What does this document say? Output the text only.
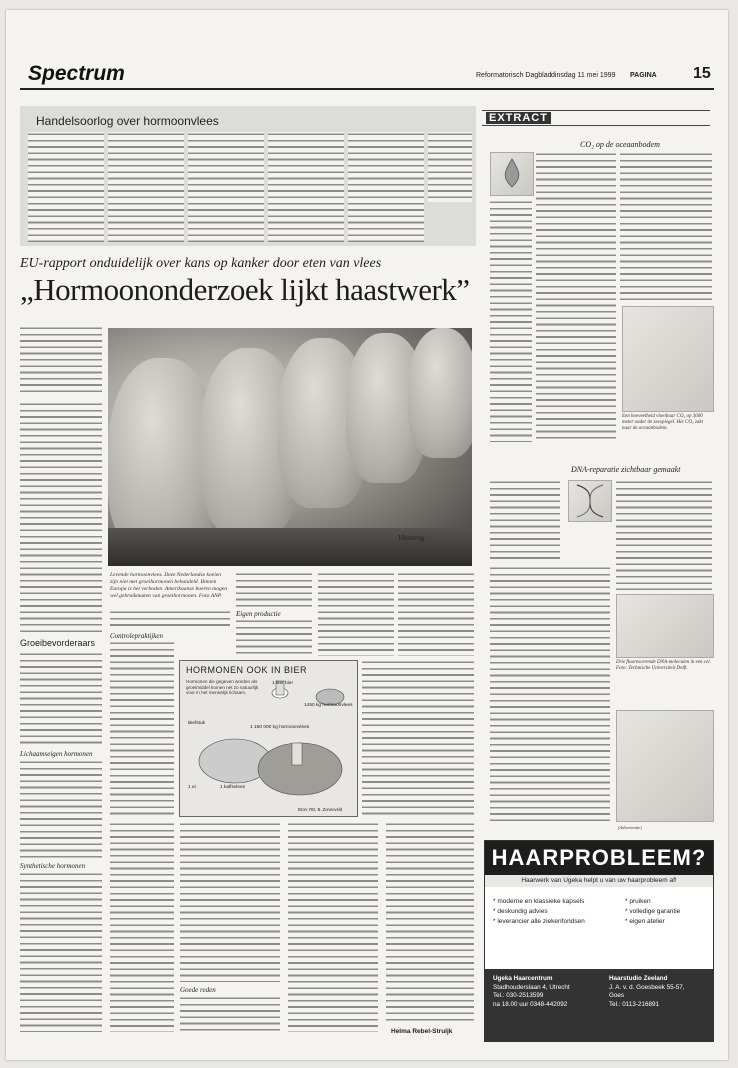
Spectrum	Reformatorisch Dagblad dinsdag 11 mei 1999 PAGINA 15
Handelsoorlog over hormoonvlees
EU-rapport onduidelijk over kans op kanker door eten van vlees
„Hormoononderzoek lijkt haastwerk”
Levende hormoonvlees. Deze Nederlandse koeien zijn niet met groeihormonen behandeld. Binnen Europa is het verboden. Amerikaanse boeren mogen wel gebruikmaken van groeihormonen. Foto ANP
Eigen productie
Controlepraktijken
HORMONEN OOK IN BIER
Hormonen die gegeven worden als groeimiddel komen net zo natuurlijk voor in het menselijk lichaam.
1 liter bier
1450 kg hormoonvlees
1 150 000 kg hormoonvlees
Biefstuk
1 ei	1 kalfsvlees
Bron: RD, B. Zonneveld
Groeibevorderaars
Lichaamseigen hormonen
Synthetische hormonen
Goede reden
Helma Rebel-Struijk
Vleestrog
EXTRACT
CO₂ op de oceaanbodem
Een hoeveelheid vloeibaar CO₂ op 3600 meter onder de zeespiegel. Het CO₂ zakt naar de oceaanbodem.
DNA-reparatie zichtbaar gemaakt
Drie fluorescerende DNA-moleculen in een cel. Foto: Technische Universiteit Delft.
(Advertentie)
HAARPROBLEEM?
Haarwerk van Ugeka helpt u van uw haarprobleem af!
* moderne en klassieke kapsels
* deskundig advies
* leverancier alle ziekenfondsen
* pruiken
* volledige garantie
* eigen atelier
Ugeka Haarcentrum
Stadhouderslaan 4, Utrecht
Tel.: 030-2513599
na 18.00 uur 0348-442092
Haarstudio Zeeland
J. A. v. d. Goesbeek 55-57,
Goes
Tel.: 0113-216891
